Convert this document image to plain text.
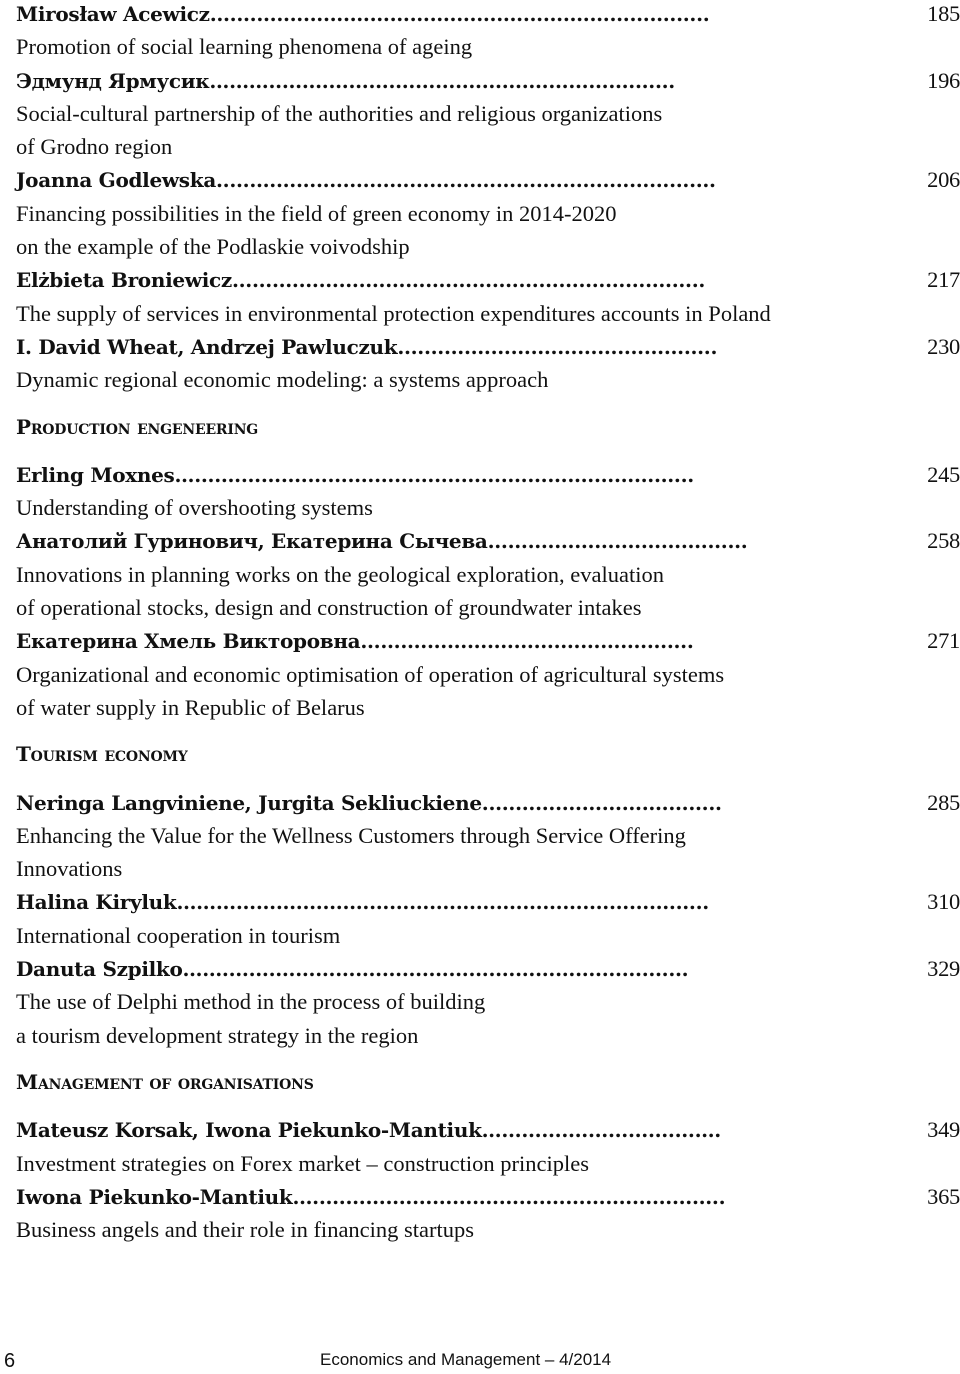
Mirosław Acewicz ...........................................................................	185
Promotion of social learning phenomena of ageing
Эдмунд Ярмусик ……….............................................................	196
Social-cultural partnership of the authorities and religious organizations
of Grodno region
Joanna Godlewska ...........................................................................	206
Financing possibilities in the field of green economy in 2014-2020
on the example of the Podlaskie voivodship
Elżbieta Broniewicz .......................................................................	217
The supply of services in environmental protection expenditures accounts in Poland
I. David Wheat, Andrzej Pawluczuk ................................................	230
Dynamic regional economic modeling: a systems approach
Production engeneering
Erling Moxnes …...........................................................................	245
Understanding of overshooting systems
Анатолий Гуринович, Екатерина Сычева .......................................	258
Innovations in planning works on the geological exploration, evaluation
of operational stocks, design and construction of groundwater intakes
Екатерина Хмель Викторовна ..................................................	271
Organizational and economic optimisation of operation of agricultural systems
of water supply in Republic of Belarus
Tourism economy
Neringa Langviniene, Jurgita Sekliuckiene ....................................	285
Enhancing the Value for the Wellness Customers through Service Offering
Innovations
Halina Kiryluk ……..........................................................................	310
International cooperation in tourism
Danuta Szpilko ……......................................................................	329
The use of Delphi method in the process of building
a tourism development strategy in the region
Management of organisations
Mateusz Korsak, Iwona Piekunko-Mantiuk ….............................….	349
Investment strategies on Forex market – construction principles
Iwona Piekunko-Mantiuk …..............................................................	365
Business angels and their role in financing startups
6	Economics and Management – 4/2014
